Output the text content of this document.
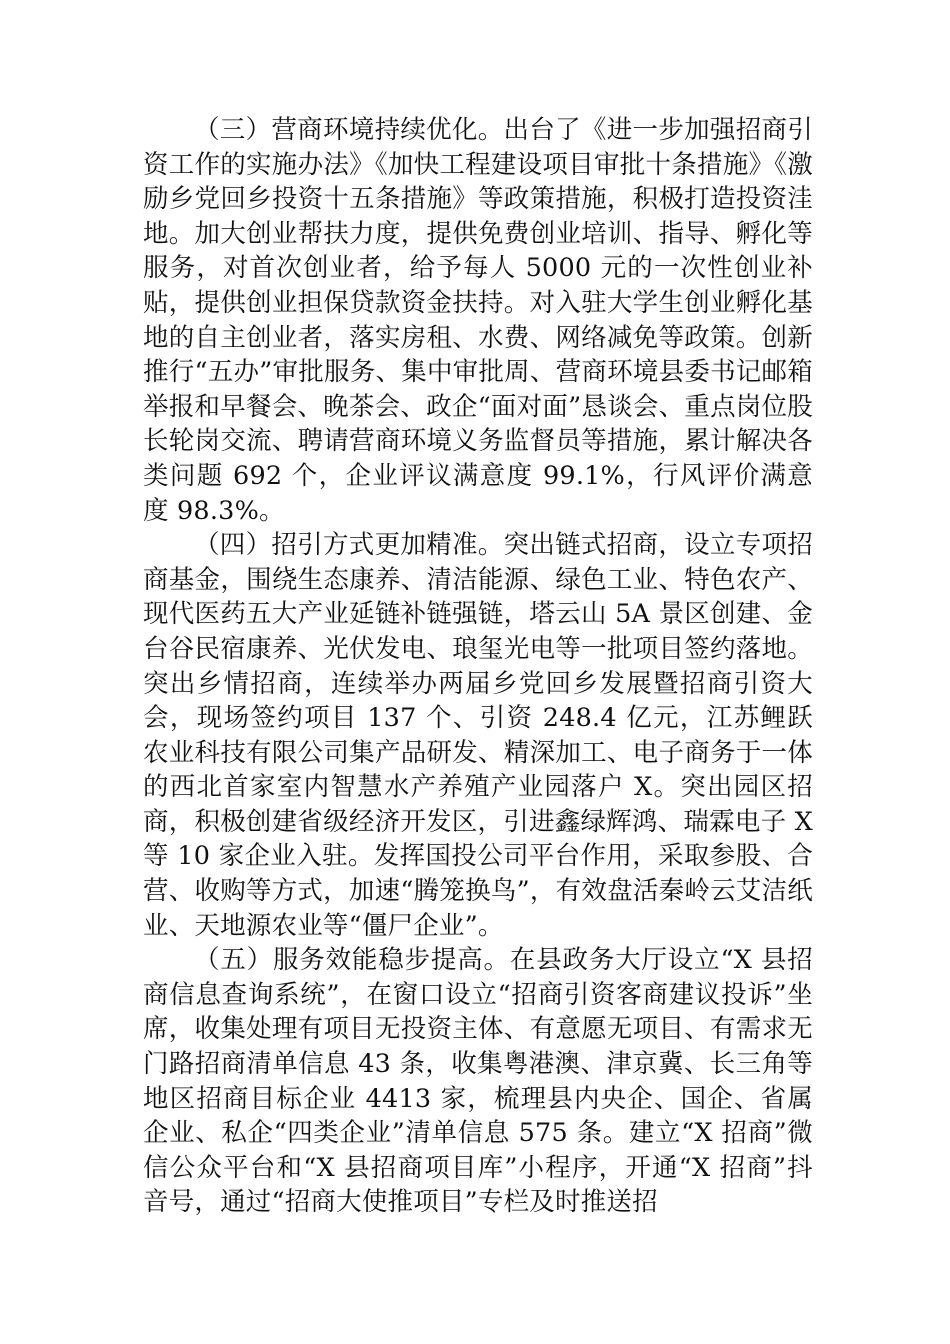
（三）营商环境持续优化。出台了《进一步加强招商引资工作的实施办法》《加快工程建设项目审批十条措施》《激励乡党回乡投资十五条措施》等政策措施，积极打造投资洼地。加大创业帮扶力度，提供免费创业培训、指导、孵化等服务，对首次创业者，给予每人 5000 元的一次性创业补贴，提供创业担保贷款资金扶持。对入驻大学生创业孵化基地的自主创业者，落实房租、水费、网络减免等政策。创新推行“五办”审批服务、集中审批周、营商环境县委书记邮箱举报和早餐会、晚茶会、政企“面对面”恳谈会、重点岗位股长轮岗交流、聘请营商环境义务监督员等措施，累计解决各类问题 692 个，企业评议满意度 99.1%，行风评价满意度 98.3%。

（四）招引方式更加精准。突出链式招商，设立专项招商基金，围绕生态康养、清洁能源、绿色工业、特色农产、现代医药五大产业延链补链强链，塔云山 5A 景区创建、金台谷民宿康养、光伏发电、琅玺光电等一批项目签约落地。突出乡情招商，连续举办两届乡党回乡发展暨招商引资大会，现场签约项目 137 个、引资 248.4 亿元，江苏鲤跃农业科技有限公司集产品研发、精深加工、电子商务于一体的西北首家室内智慧水产养殖产业园落户 X。突出园区招商，积极创建省级经济开发区，引进鑫绿辉鸿、瑞霖电子 X 等 10 家企业入驻。发挥国投公司平台作用，采取参股、合营、收购等方式，加速“腾笼换鸟”，有效盘活秦岭云艾洁纸业、天地源农业等“僵尸企业”。

（五）服务效能稳步提高。在县政务大厅设立“X 县招商信息查询系统”，在窗口设立“招商引资客商建议投诉”坐席，收集处理有项目无投资主体、有意愿无项目、有需求无门路招商清单信息 43 条，收集粤港澳、津京冀、长三角等地区招商目标企业 4413 家，梳理县内央企、国企、省属企业、私企“四类企业”清单信息 575 条。建立“X 招商”微信公众平台和“X 县招商项目库”小程序，开通“X 招商”抖音号，通过“招商大使推项目”专栏及时推送招
